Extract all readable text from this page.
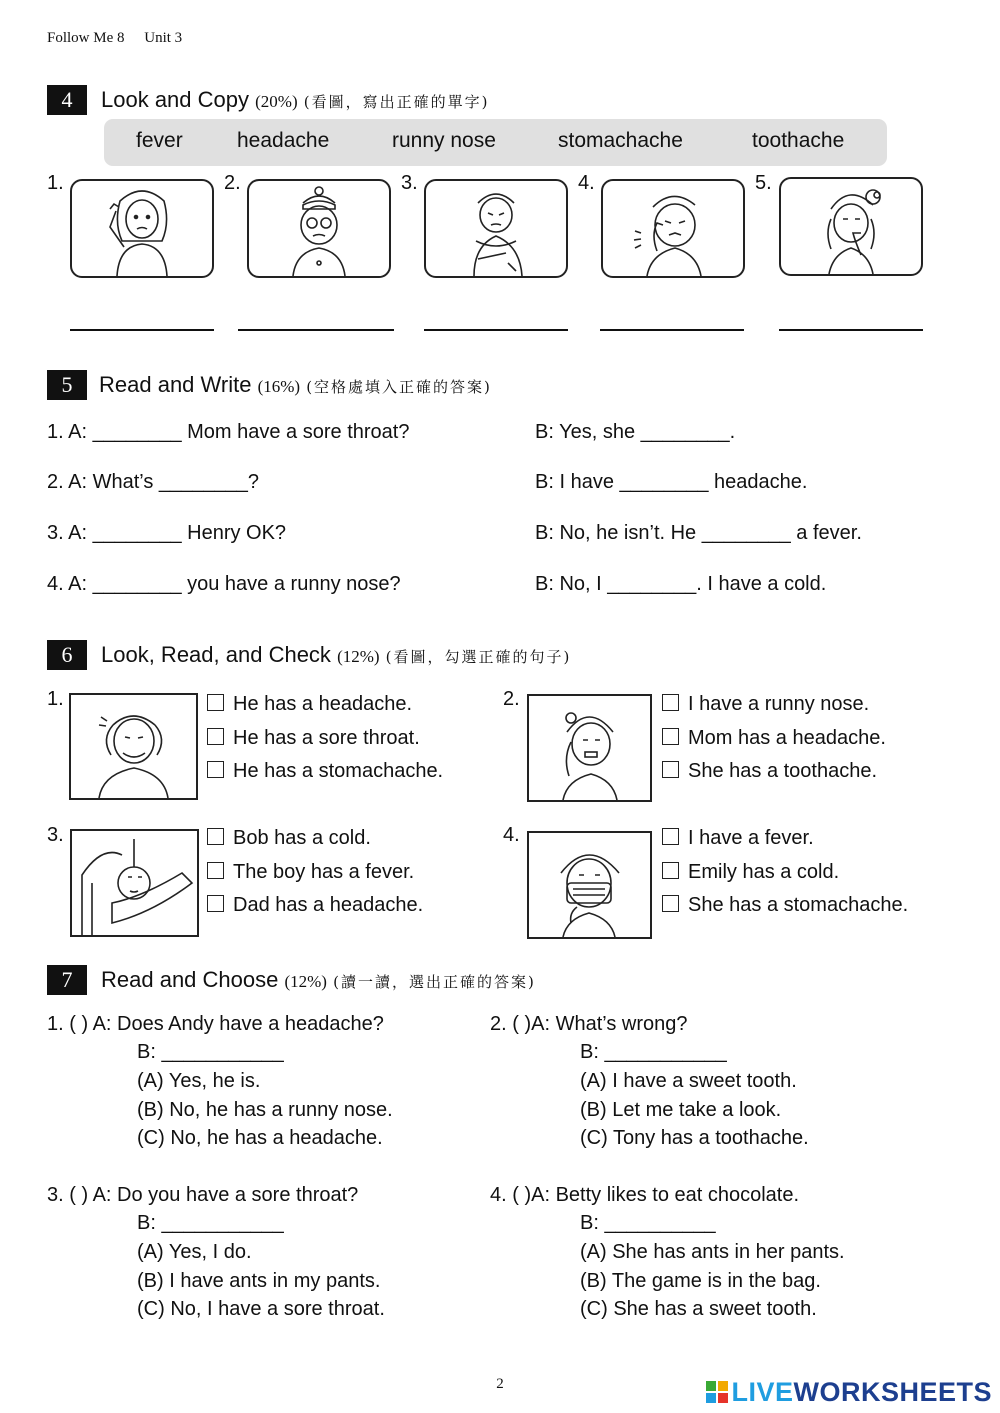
Follow Me 8 Unit 3
4	Look and Copy (20%) (看圖，寫出正確的單字)
fever	headache	runny nose	stomachache	toothache
1.	2.	3.	4.	5.
5	Read and Write (16%) (空格處填入正確的答案)
1. A: ________ Mom have a sore throat?	B: Yes, she ________.
2. A: What’s ________?	B: I have ________ headache.
3. A: ________ Henry OK?	B: No, he isn’t. He ________ a fever.
4. A: ________ you have a runny nose?	B: No, I ________. I have a cold.
6	Look, Read, and Check (12%) (看圖，勾選正確的句子)
1.	He has a headache.
He has a sore throat.
He has a stomachache.
2.	I have a runny nose.
Mom has a headache.
She has a toothache.
3.	Bob has a cold.
The boy has a fever.
Dad has a headache.
4.	I have a fever.
Emily has a cold.
She has a stomachache.
7	Read and Choose (12%) (讀一讀，選出正確的答案)
1. ( ) A: Does Andy have a headache?
B: ___________
(A) Yes, he is.
(B) No, he has a runny nose.
(C) No, he has a headache.
2. ( )A: What’s wrong?
B: ___________
(A) I have a sweet tooth.
(B) Let me take a look.
(C) Tony has a toothache.
3. ( ) A: Do you have a sore throat?
B: ___________
(A) Yes, I do.
(B) I have ants in my pants.
(C) No, I have a sore throat.
4. ( )A: Betty likes to eat chocolate.
B: __________
(A) She has ants in her pants.
(B) The game is in the bag.
(C) She has a sweet tooth.
2	LIVEWORKSHEETS
